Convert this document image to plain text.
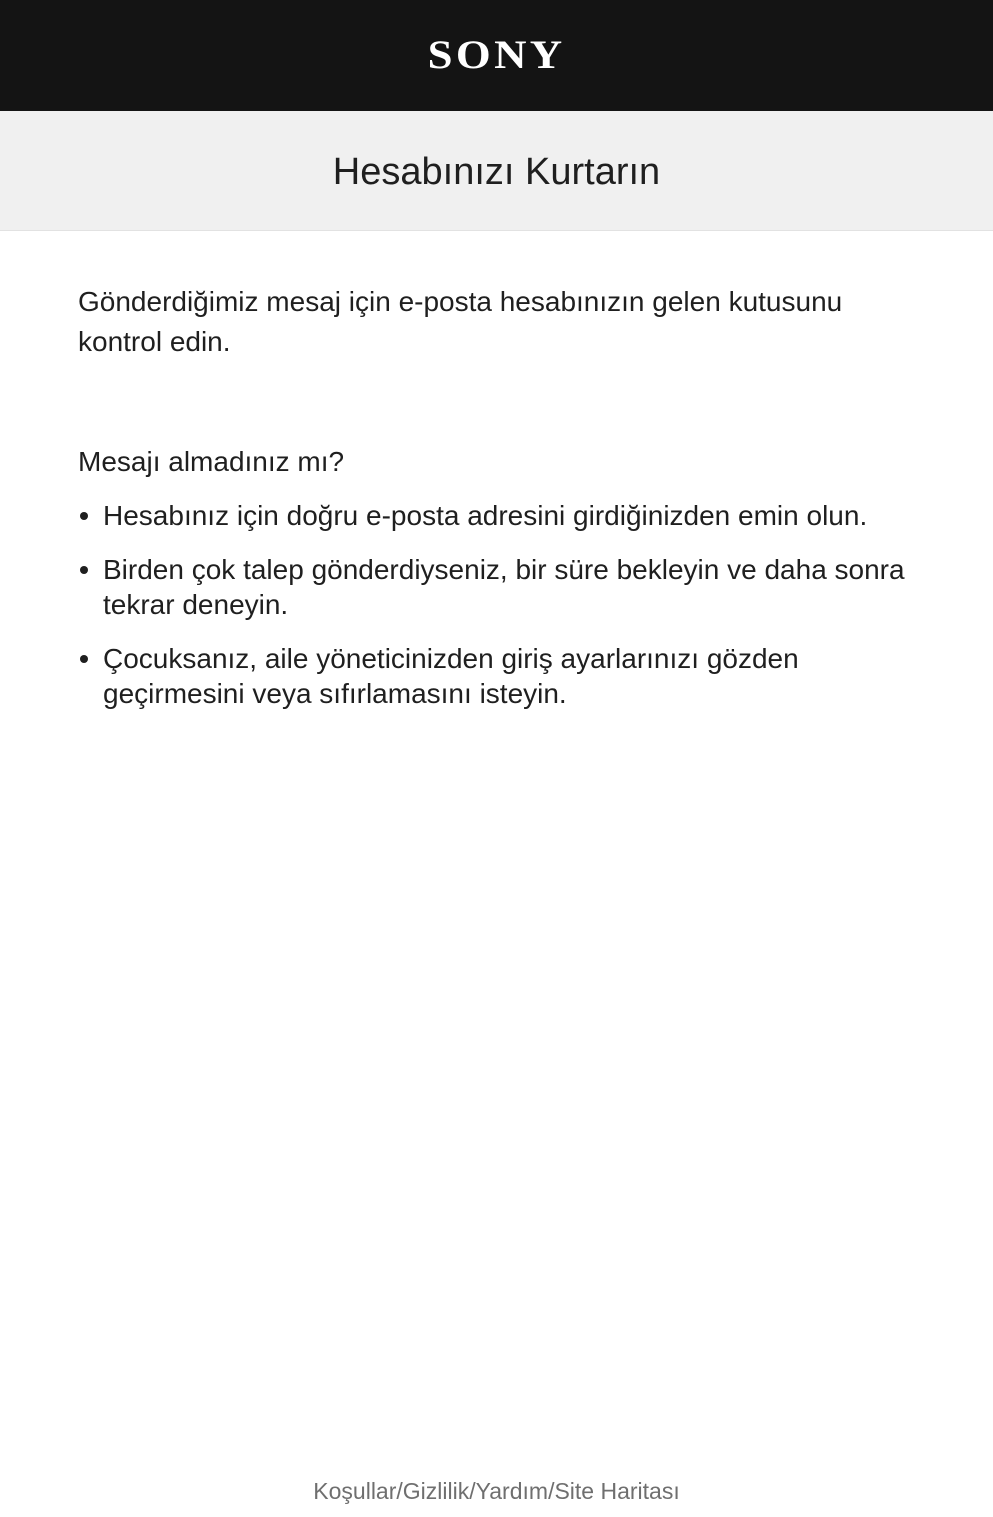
SONY
Hesabınızı Kurtarın

Gönderdiğimiz mesaj için e-posta hesabınızın gelen kutusunu kontrol edin.

Mesajı almadınız mı?

Hesabınız için doğru e-posta adresini girdiğinizden emin olun.
Birden çok talep gönderdiyseniz, bir süre bekleyin ve daha sonra tekrar deneyin.
Çocuksanız, aile yöneticinizden giriş ayarlarınızı gözden geçirmesini veya sıfırlamasını isteyin.
Koşullar/Gizlilik/Yardım/Site Haritası
